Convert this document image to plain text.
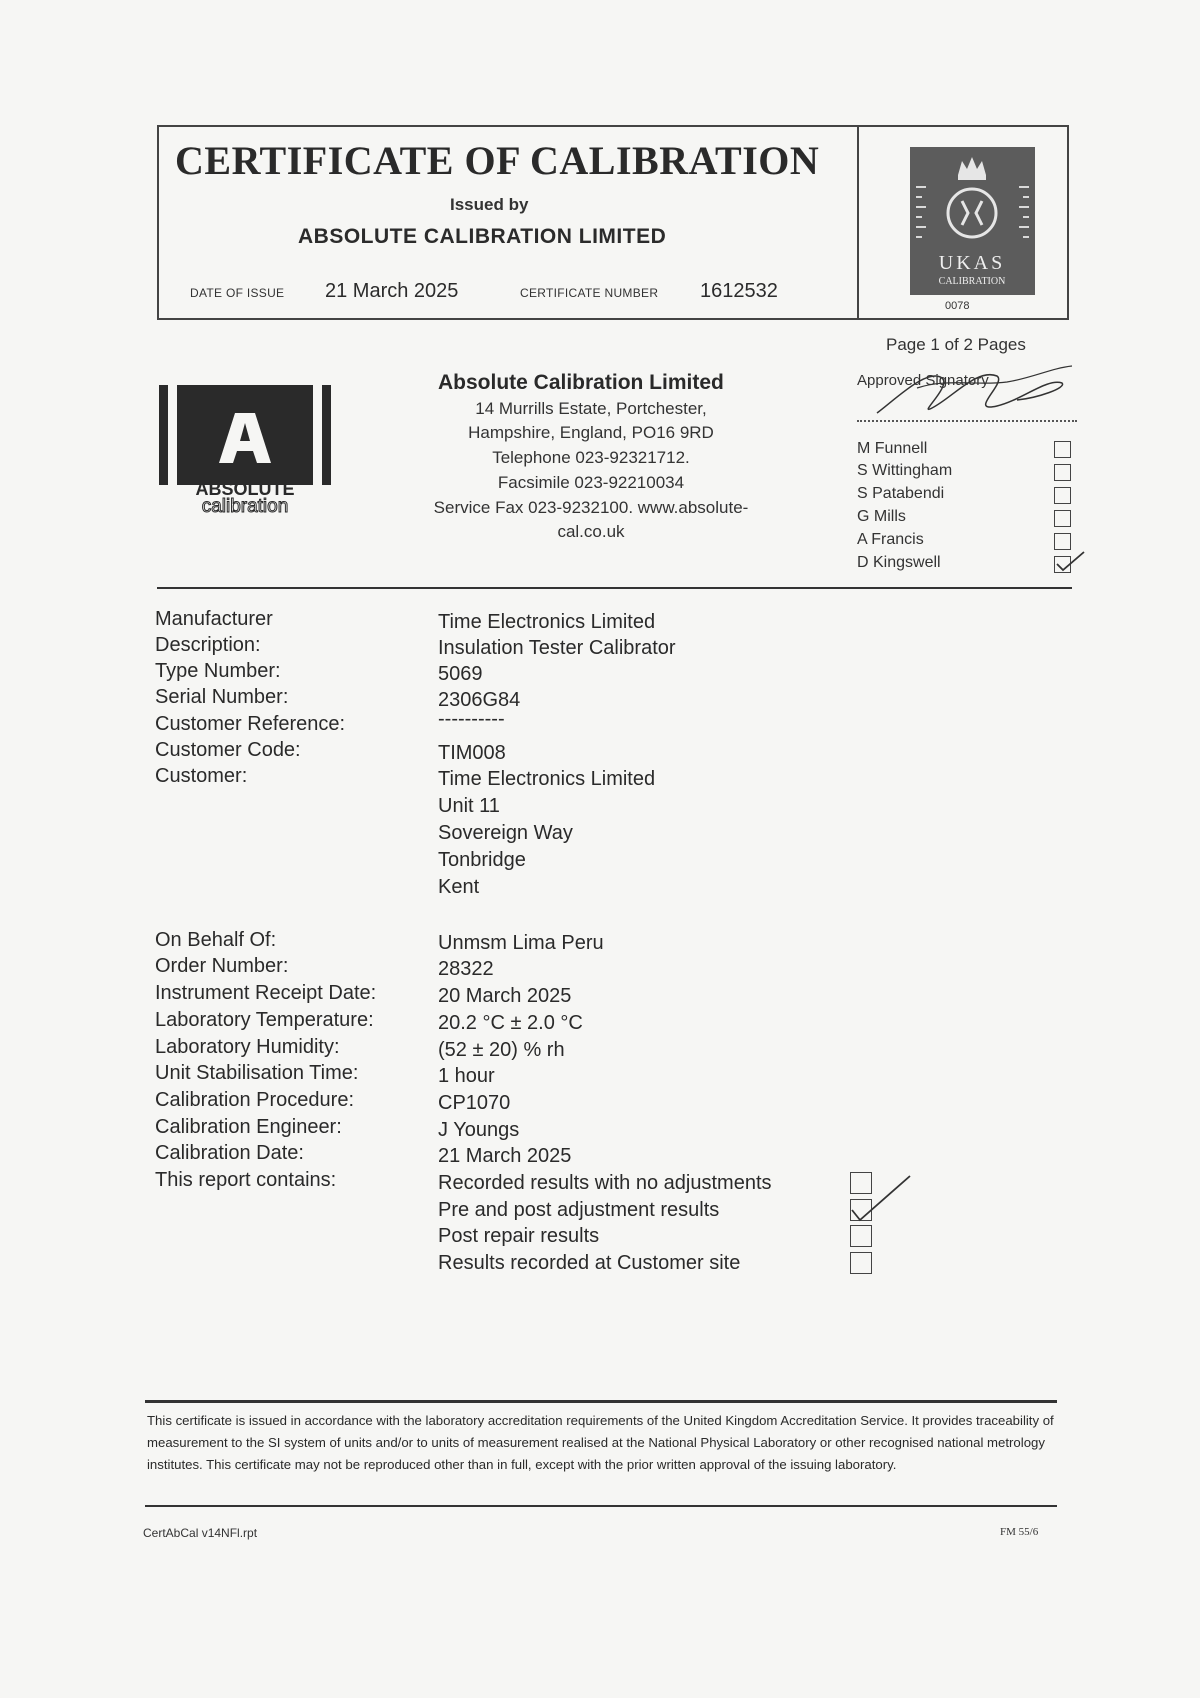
CERTIFICATE OF CALIBRATION
Issued by
ABSOLUTE CALIBRATION LIMITED
DATE OF ISSUE 21 March 2025	CERTIFICATE NUMBER 1612532
UKAS
CALIBRATION
0078
ABSOLUTE
calibration
Absolute Calibration Limited
14 Murrills Estate, Portchester,
Hampshire, England, PO16 9RD
Telephone 023-92321712.
Facsimile 023-92210034
Service Fax 023-9232100. www.absolute-
cal.co.uk
Page 1 of 2 Pages
Approved Signatory
M Funnell
S Wittingham
S Patabendi
G Mills
A Francis
D Kingswell
Manufacturer	Time Electronics Limited
Description:	Insulation Tester Calibrator
Type Number:	5069
Serial Number:	2306G84
Customer Reference:	----------
Customer Code:	TIM008
Customer:	Time Electronics Limited
Unit 11
Sovereign Way
Tonbridge
Kent
On Behalf Of:	Unmsm Lima Peru
Order Number:	28322
Instrument Receipt Date:	20 March 2025
Laboratory Temperature:	20.2 °C ± 2.0 °C
Laboratory Humidity:	(52 ± 20) % rh
Unit Stabilisation Time:	1 hour
Calibration Procedure:	CP1070
Calibration Engineer:	J Youngs
Calibration Date:	21 March 2025
This report contains:	Recorded results with no adjustments
Pre and post adjustment results
Post repair results
Results recorded at Customer site
This certificate is issued in accordance with the laboratory accreditation requirements of the United Kingdom Accreditation Service. It provides traceability of measurement to the SI system of units and/or to units of measurement realised at the National Physical Laboratory or other recognised national metrology institutes. This certificate may not be reproduced other than in full, except with the prior written approval of the issuing laboratory.
CertAbCal v14NFl.rpt	FM 55/6
